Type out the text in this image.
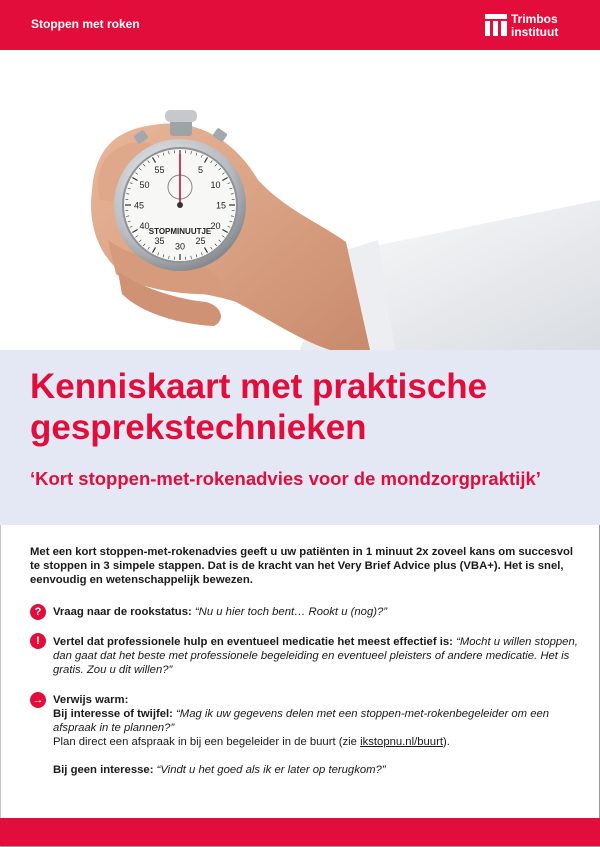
Stoppen met roken	Trimbos
instituut
STOPMINUUTJE
55	5
50	10
45	15
40	20
35	25
30
Kenniskaart met praktische gesprekstechnieken
‘Kort stoppen-met-rokenadvies voor de mondzorgpraktijk’
Met een kort stoppen-met-rokenadvies geeft u uw patiënten in 1 minuut 2x zoveel kans om succesvol te stoppen in 3 simpele stappen. Dat is de kracht van het Very Brief Advice plus (VBA+). Het is snel, eenvoudig en wetenschappelijk bewezen.
?	Vraag naar de rookstatus: “Nu u hier toch bent… Rookt u (nog)?”
!	Vertel dat professionele hulp en eventueel medicatie het meest effectief is: “Mocht u willen stoppen, dan gaat dat het beste met professionele begeleiding en eventueel pleisters of andere medicatie. Het is gratis. Zou u dit willen?”
→ Verwijs warm:
Bij interesse of twijfel: “Mag ik uw gegevens delen met een stoppen-met-rokenbegeleider om een afspraak in te plannen?”
Plan direct een afspraak in bij een begeleider in de buurt (zie ikstopnu.nl/buurt).
Bij geen interesse: “Vindt u het goed als ik er later op terugkom?”
